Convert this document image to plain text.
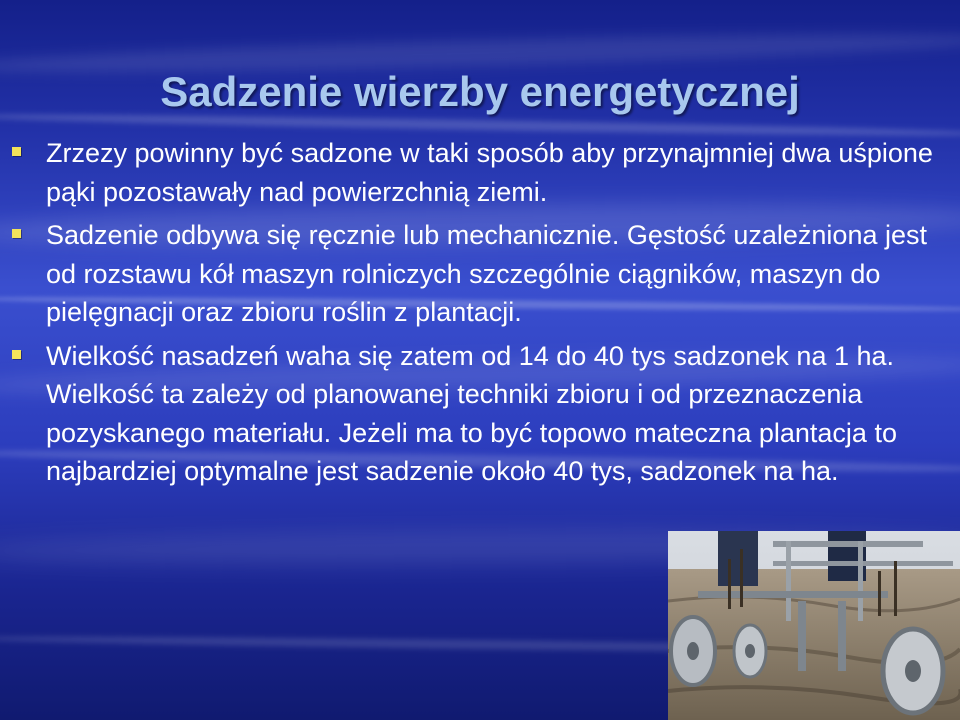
Sadzenie wierzby energetycznej
Zrzezy powinny być sadzone w taki sposób aby przynajmniej dwa uśpione pąki pozostawały nad powierzchnią ziemi.
Sadzenie odbywa się ręcznie lub mechanicznie. Gęstość uzależniona jest od rozstawu kół maszyn rolniczych szczególnie ciągników, maszyn do pielęgnacji oraz zbioru roślin z plantacji.
Wielkość nasadzeń waha się zatem od 14 do 40 tys sadzonek na 1 ha. Wielkość ta zależy od planowanej techniki zbioru i od przeznaczenia pozyskanego materiału. Jeżeli ma to być topowo mateczna plantacja to najbardziej optymalne jest sadzenie około 40 tys, sadzonek na ha.
